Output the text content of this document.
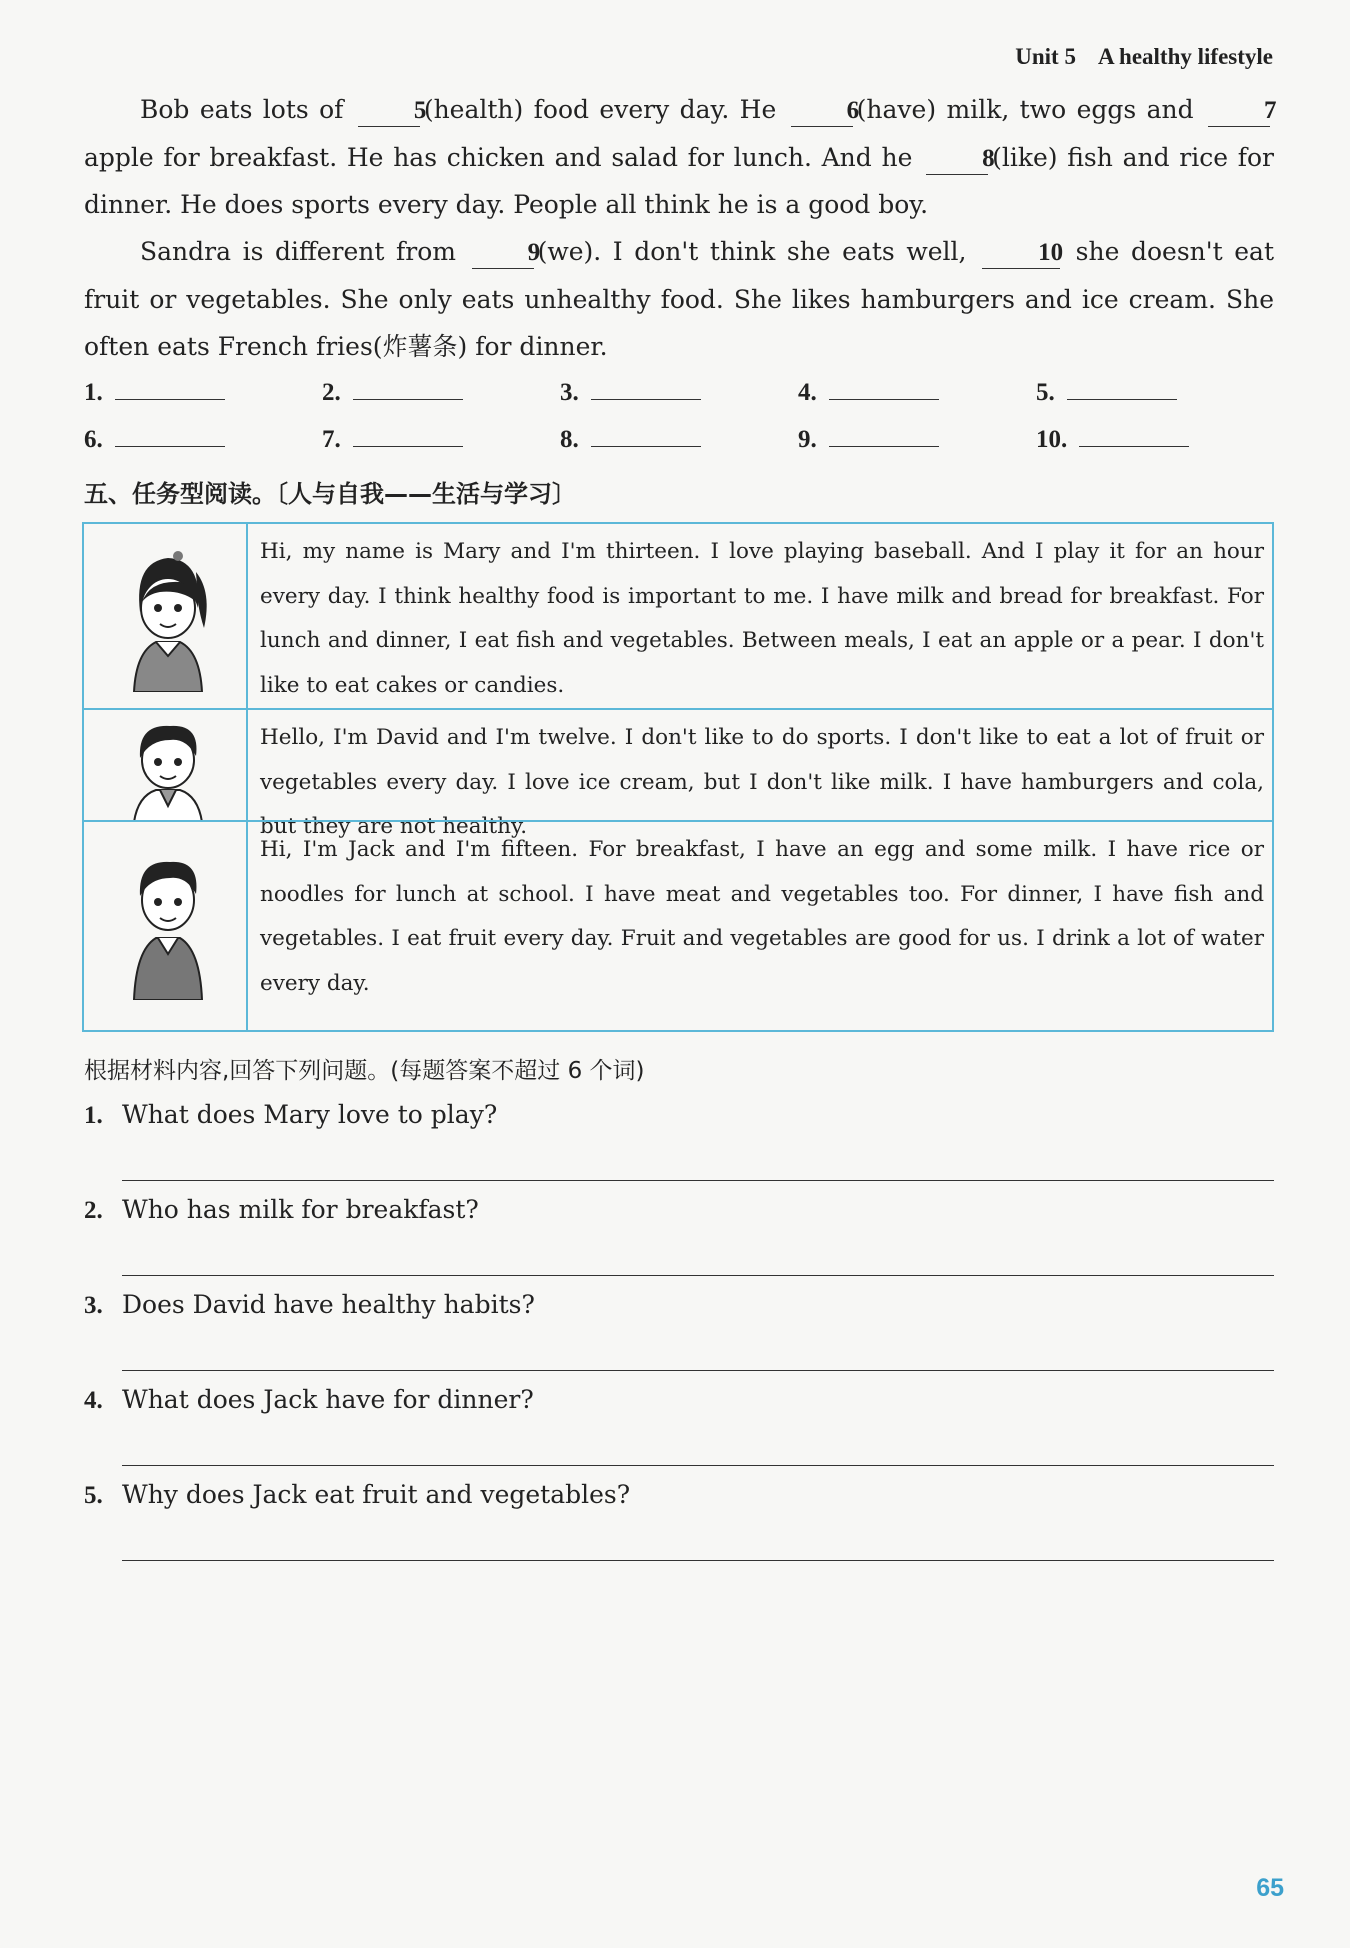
Unit 5 A healthy lifestyle

Bob eats lots of	5(health) food every day. He	6(have) milk, two eggs and	7 apple for breakfast. He has chicken and salad for lunch. And he	8(like) fish and rice for dinner. He does sports every day. People all think he is a good boy.

Sandra is different from	9(we). I don't think she eats well,	10 she doesn't eat fruit or vegetables. She only eats unhealthy food. She likes hamburgers and ice cream. She often eats French fries(炸薯条) for dinner.

1.	2.	3.	4.	5.
6.	7.	8.	9.	10.
五、任务型阅读。〔人与自我——生活与学习〕
Hi, my name is Mary and I'm thirteen. I love playing baseball. And I play it for an hour every day. I think healthy food is important to me. I have milk and bread for breakfast. For lunch and dinner, I eat fish and vegetables. Between meals, I eat an apple or a pear. I don't like to eat cakes or candies.
Hello, I'm David and I'm twelve. I don't like to do sports. I don't like to eat a lot of fruit or vegetables every day. I love ice cream, but I don't like milk. I have hamburgers and cola, but they are not healthy.
Hi, I'm Jack and I'm fifteen. For breakfast, I have an egg and some milk. I have rice or noodles for lunch at school. I have meat and vegetables too. For dinner, I have fish and vegetables. I eat fruit every day. Fruit and vegetables are good for us. I drink a lot of water every day.
根据材料内容,回答下列问题。(每题答案不超过 6 个词)
1. What does Mary love to play?
2. Who has milk for breakfast?
3. Does David have healthy habits?
4. What does Jack have for dinner?
5. Why does Jack eat fruit and vegetables?
65
